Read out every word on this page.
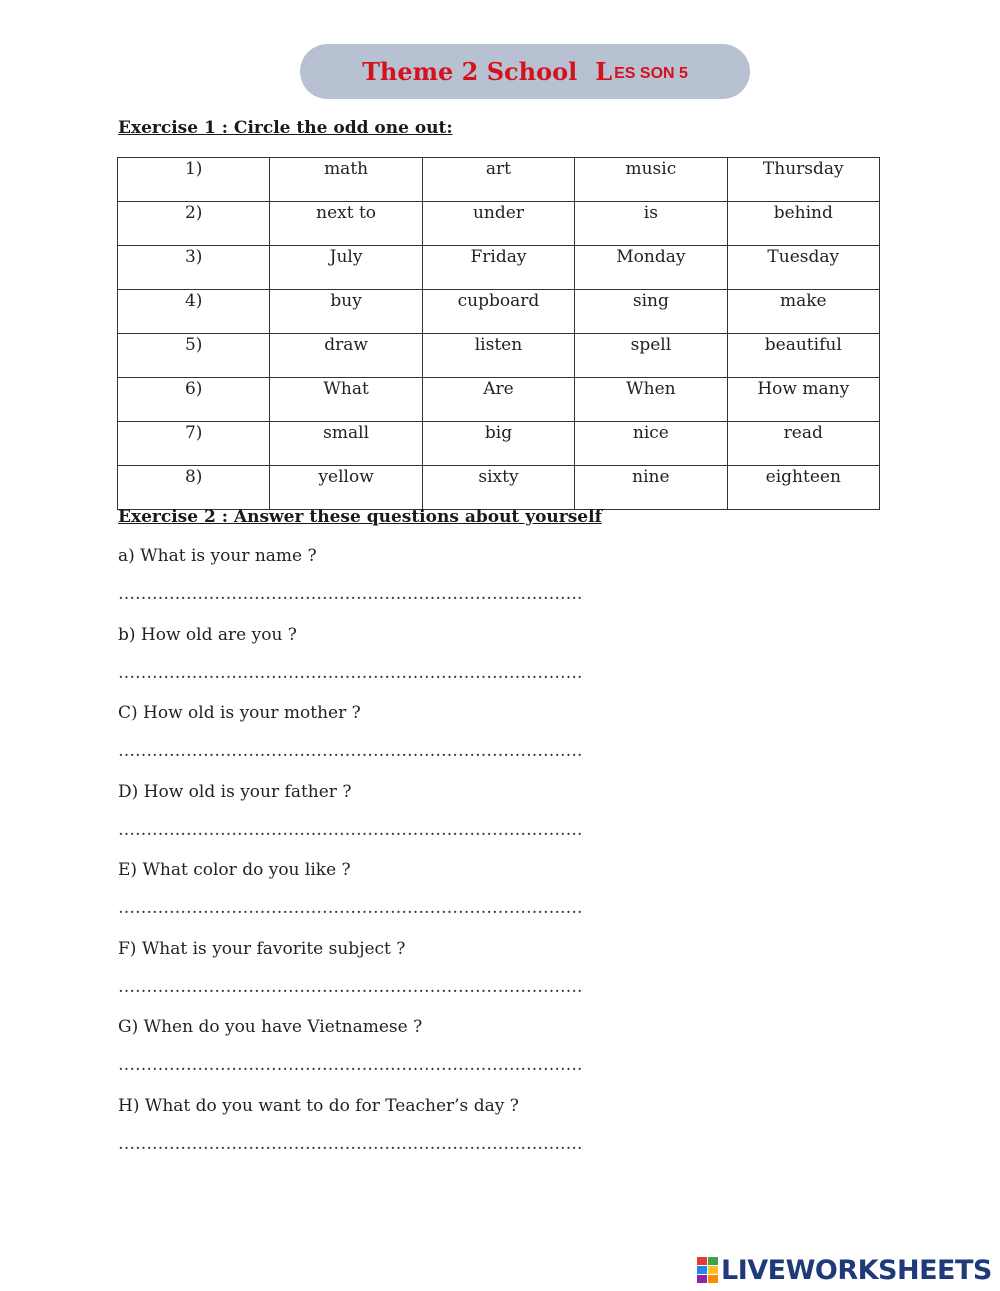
Theme 2 School L ES SON 5
Exercise 1 : Circle the odd one out:
1)	math	art	music	Thursday
2)	next to	under	is	behind
3)	July	Friday	Monday	Tuesday
4)	buy	cupboard	sing	make
5)	draw	listen	spell	beautiful
6)	What	Are	When	How many
7)	small	big	nice	read
8)	yellow	sixty	nine	eighteen
Exercise 2 : Answer these questions about yourself
a) What is your name ?
……………………………………………………………………….
b) How old are you ?
……………………………………………………………………….
C) How old is your mother ?
……………………………………………………………………….
D) How old is your father ?
……………………………………………………………………….
E) What color do you like ?
……………………………………………………………………….
F) What is your favorite subject ?
……………………………………………………………………….
G) When do you have Vietnamese ?
……………………………………………………………………….
H) What do you want to do for Teacher’s day ?
……………………………………………………………………….
LIVEWORKSHEETS
